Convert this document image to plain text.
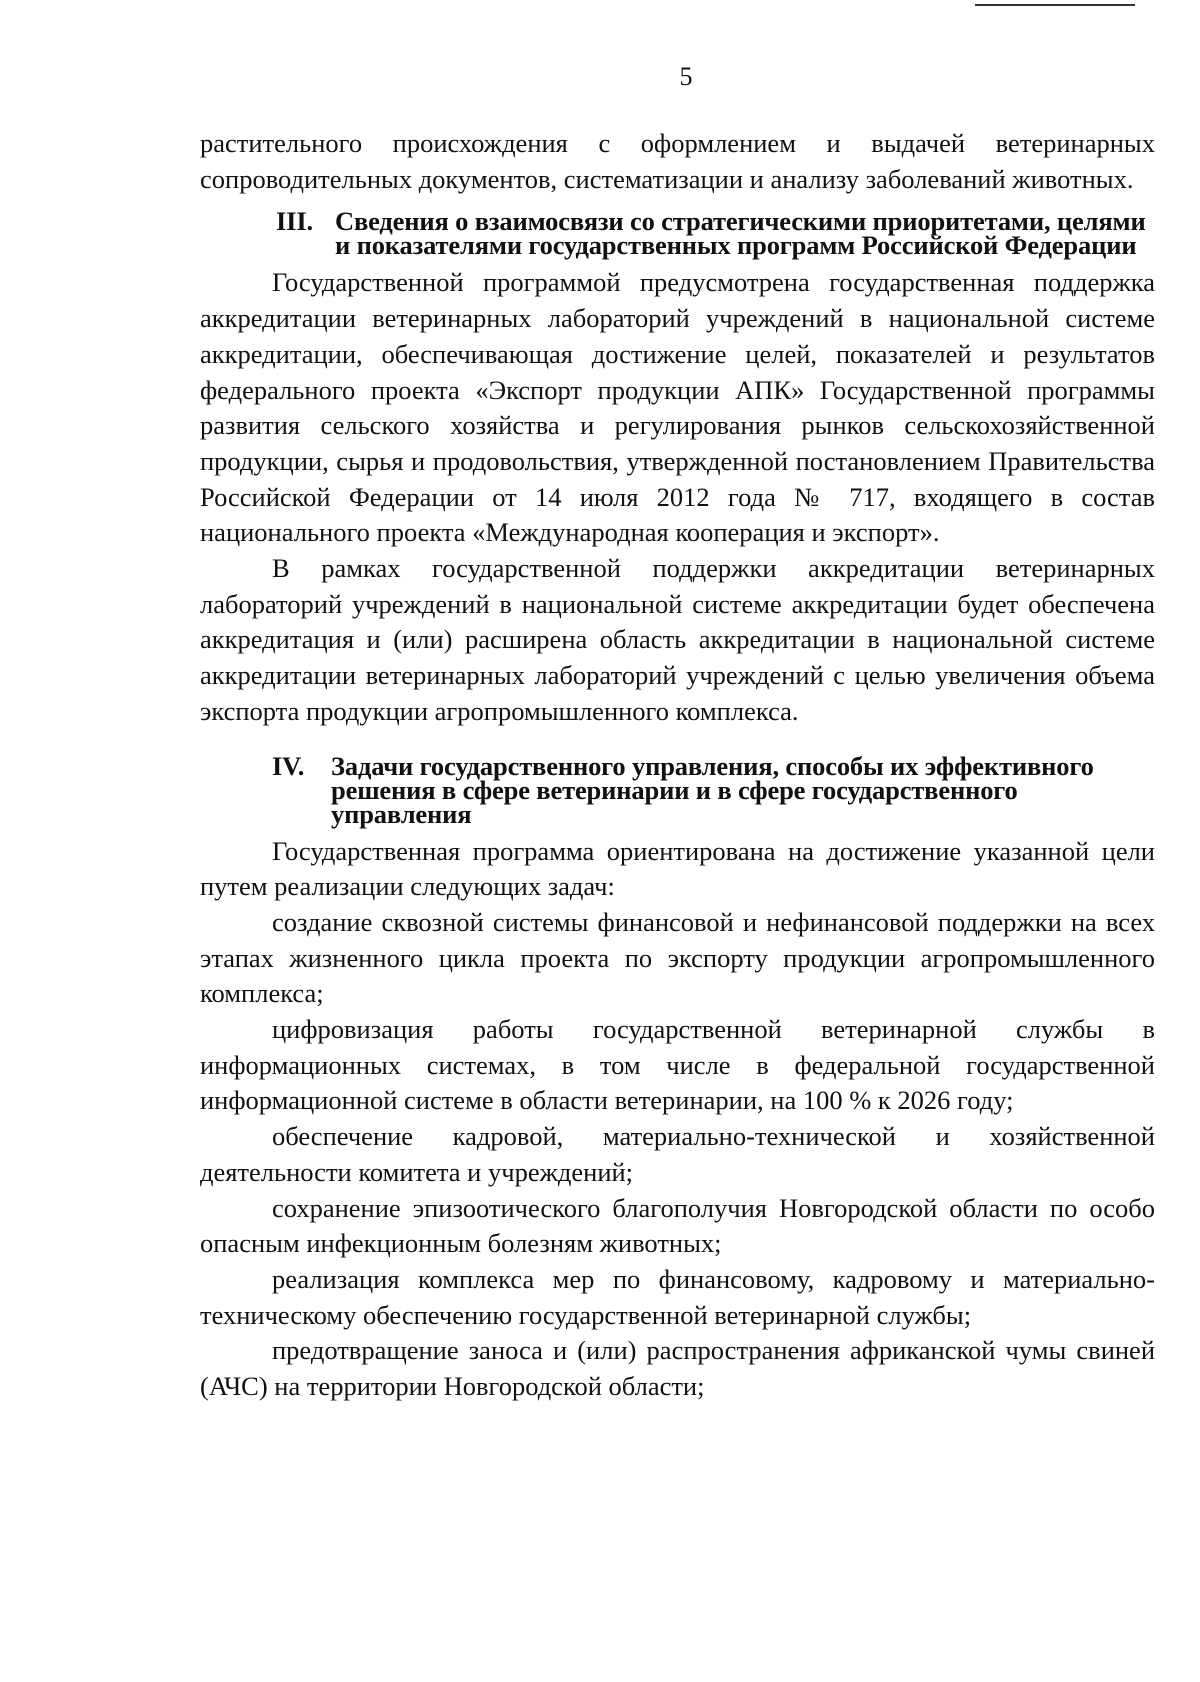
5

растительного происхождения с оформлением и выдачей ветеринарных сопроводительных документов, систематизации и анализу заболеваний животных.

III. Сведения о взаимосвязи со стратегическими приоритетами, целями и показателями государственных программ Российской Федерации

Государственной программой предусмотрена государственная поддержка аккредитации ветеринарных лабораторий учреждений в национальной системе аккредитации, обеспечивающая достижение целей, показателей и результатов федерального проекта «Экспорт продукции АПК» Государственной программы развития сельского хозяйства и регулирования рынков сельскохозяйственной продукции, сырья и продовольствия, утвержденной постановлением Правительства Российской Федерации от 14 июля 2012 года № 717, входящего в состав национального проекта «Международная кооперация и экспорт».

В рамках государственной поддержки аккредитации ветеринарных лабораторий учреждений в национальной системе аккредитации будет обеспечена аккредитация и (или) расширена область аккредитации в национальной системе аккредитации ветеринарных лабораторий учреждений с целью увеличения объема экспорта продукции агропромышленного комплекса.

IV.	Задачи государственного управления, способы их эффективного решения в сфере ветеринарии и в сфере государственного управления

Государственная программа ориентирована на достижение указанной цели путем реализации следующих задач:

создание сквозной системы финансовой и нефинансовой поддержки на всех этапах жизненного цикла проекта по экспорту продукции агропромышленного комплекса;

цифровизация работы государственной ветеринарной службы в информационных системах, в том числе в федеральной государственной информационной системе в области ветеринарии, на 100 % к 2026 году;

обеспечение кадровой, материально-технической и хозяйственной деятельности комитета и учреждений;

сохранение эпизоотического благополучия Новгородской области по особо опасным инфекционным болезням животных;

реализация комплекса мер по финансовому, кадровому и материально-техническому обеспечению государственной ветеринарной службы;

предотвращение заноса и (или) распространения африканской чумы свиней (АЧС) на территории Новгородской области;
